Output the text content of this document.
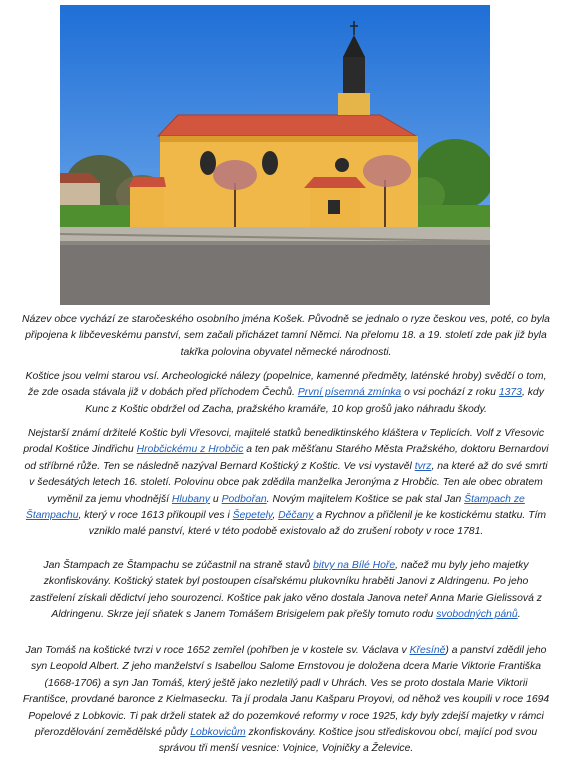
Název obce vychází ze staročeského osobního jména Košek. Původně se jednalo o ryze českou ves, poté, co byla připojena k libčeveskému panství, sem začali přicházet tamní Němci. Na přelomu 18. a 19. století zde pak již byla takřka polovina obyvatel německé národnosti.

Koštice jsou velmi starou vsí. Archeologické nálezy (popelnice, kamenné předměty, laténské hroby) svědčí o tom, že zde osada stávala již v dobách před příchodem Čechů. První písemná zmínka o vsi pochází z roku 1373, kdy Kunc z Koštic obdržel od Zacha, pražského kramáře, 10 kop grošů jako náhradu škody.

Nejstarší známí držitelé Koštic byli Vřesovci, majitelé statků benediktinského kláštera v Teplicích. Volf z Vřesovic prodal Koštice Jindřichu Hrobčickému z Hrobčic a ten pak měšťanu Starého Města Pražského, doktoru Bernardovi od stříbrné růže. Ten se následně nazýval Bernard Koštický z Koštic. Ve vsi vystavěl tvrz, na které až do své smrti v šedesátých letech 16. století. Polovinu obce pak zdědila manželka Jeronýma z Hrobčic. Ten ale obec obratem vyměnil za jemu vhodnější Hlubany u Podbořan. Novým majitelem Koštice se pak stal Jan Štampach ze Štampachu, který v roce 1613 přikoupil ves i Šepetely, Děčany a Rychnov a přičlenil je ke kostickému statku. Tím vzniklo malé panství, které v této podobě existovalo až do zrušení roboty v roce 1781.

Jan Štampach ze Štampachu se zúčastnil na straně stavů bitvy na Bílé Hoře, načež mu byly jeho majetky zkonfiskovány. Koštický statek byl postoupen císařskému plukovníku hraběti Janovi z Aldringenu. Po jeho zastřelení získali dědictví jeho sourozenci. Koštice pak jako věno dostala Janova neteř Anna Marie Gielissová z Aldringenu. Skrze její sňatek s Janem Tomášem Brisigelem pak přešly tomuto rodu svobodných pánů.

Jan Tomáš na koštické tvrzi v roce 1652 zemřel (pohřben je v kostele sv. Václava v Křesíně) a panství zdědil jeho syn Leopold Albert. Z jeho manželství s Isabellou Salome Ernstovou je doložena dcera Marie Viktorie Františka (1668-1706) a syn Jan Tomáš, který ještě jako nezletilý padl v Uhrách. Ves se proto dostala Marie Viktorii Františce, provdané baronce z Kielmasecku. Ta jí prodala Janu Kašparu Proyovi, od něhož ves koupili v roce 1694 Popelové z Lobkovic. Ti pak drželi statek až do pozemkové reformy v roce 1925, kdy byly zdejší majetky v rámci přerozdělování zemědělské půdy Lobkovicům zkonfiskovány. Koštice jsou střediskovou obcí, mající pod svou správou tři menší vesnice: Vojnice, Vojničky a Želevice.
